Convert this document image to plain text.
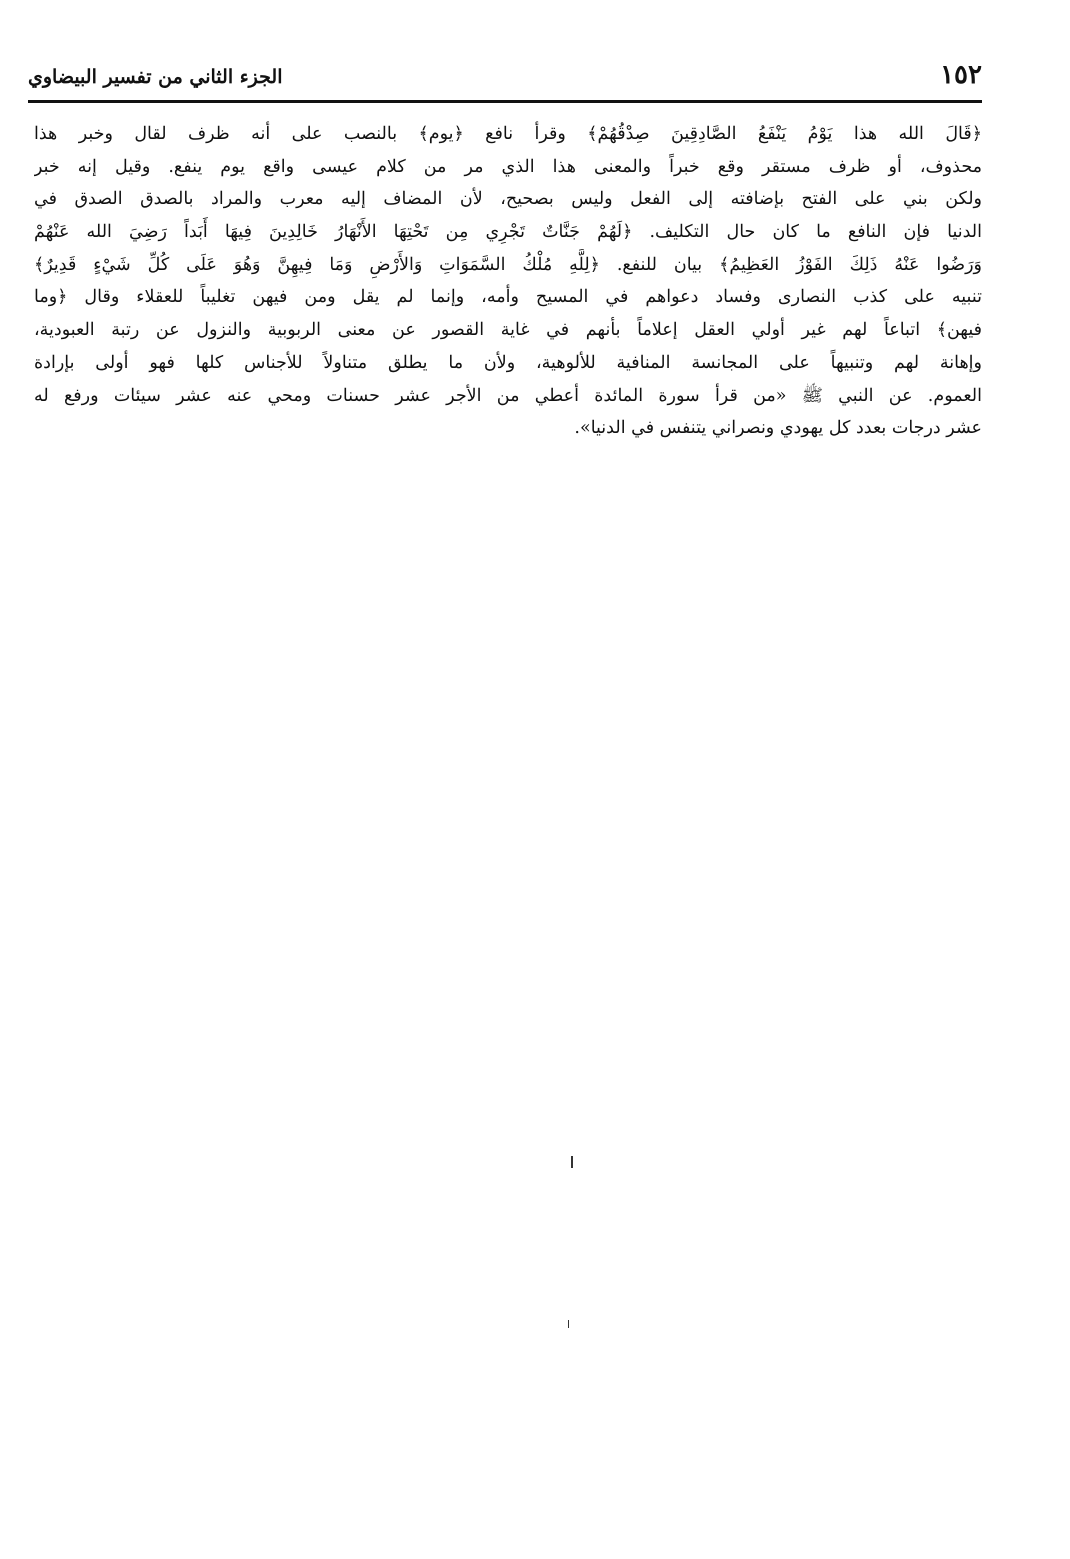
١٥٢
الجزء الثاني من تفسير البيضاوي
﴿قَالَ الله هذا يَوْمُ يَنْفَعُ الصَّادِقِينَ صِدْقُهُمْ﴾ وقرأ نافع ﴿يوم﴾ بالنصب على أنه ظرف لقال وخبر هذا
محذوف، أو ظرف مستقر وقع خبراً والمعنى هذا الذي مر من كلام عيسى واقع يوم ينفع. وقيل إنه خبر
ولكن بني على الفتح بإضافته إلى الفعل وليس بصحيح، لأن المضاف إليه معرب والمراد بالصدق الصدق في
الدنيا فإن النافع ما كان حال التكليف. ﴿لَهُمْ جَنَّاتٌ تَجْرِي مِن تَحْتِهَا الأَنْهَارُ خَالِدِينَ فِيهَا أَبَداً رَضِيَ الله عَنْهُمْ
وَرَضُوا عَنْهُ ذَلِكَ الفَوْزُ العَظِيمُ﴾ بيان للنفع. ﴿لِلَّهِ مُلْكُ السَّمَوَاتِ وَالأَرْضِ وَمَا فِيهِنَّ وَهُوَ عَلَى كُلِّ شَيْءٍ قَدِيرٌ﴾
تنبيه على كذب النصارى وفساد دعواهم في المسيح وأمه، وإنما لم يقل ومن فيهن تغليباً للعقلاء وقال ﴿وما
فيهن﴾ اتباعاً لهم غير أولي العقل إعلاماً بأنهم في غاية القصور عن معنى الربوبية والنزول عن رتبة العبودية،
وإهانة لهم وتنبيهاً على المجانسة المنافية للألوهية، ولأن ما يطلق متناولاً للأجناس كلها فهو أولى بإرادة
العموم. عن النبي ﷺ «من قرأ سورة المائدة أعطي من الأجر عشر حسنات ومحي عنه عشر سيئات ورفع له
عشر درجات بعدد كل يهودي ونصراني يتنفس في الدنيا».
